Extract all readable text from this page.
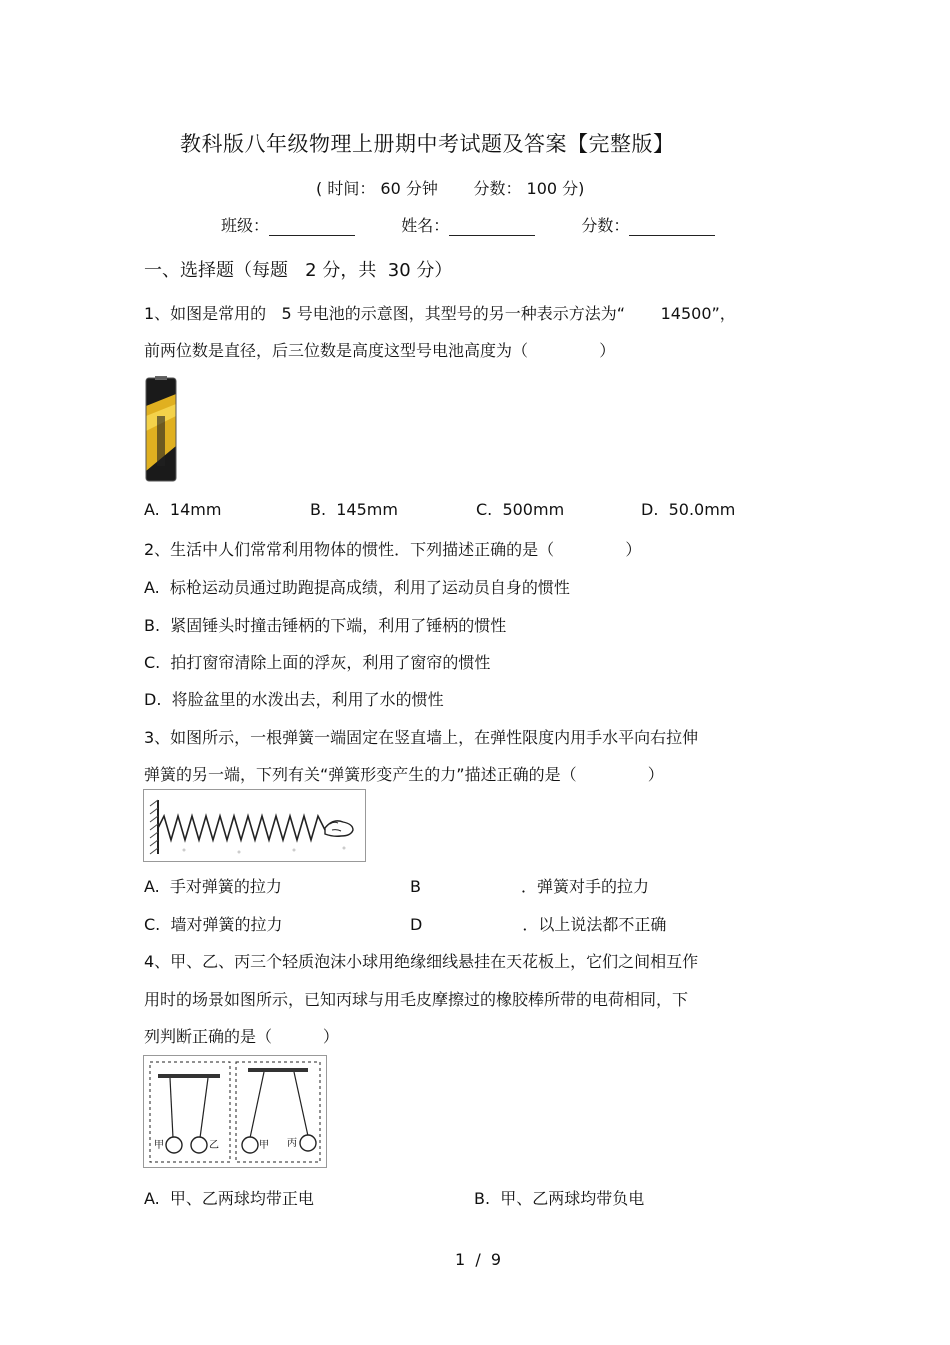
教科版八年级物理上册期中考试题及答案【完整版】
( 时间： 60 分钟       分数： 100 分)
班级：	姓名：	分数：
一、选择题（每题   2 分，共  30 分）
1、如图是常用的   5 号电池的示意图，其型号的另一种表示方法为“       14500”，
前两位数是直径，后三位数是高度这型号电池高度为（              ）
A. 14mm	B. 145mm	C. 500mm	D. 50.0mm
2、生活中人们常常利用物体的惯性．下列描述正确的是（              ）
A.  标枪运动员通过助跑提高成绩，利用了运动员自身的惯性
B.  紧固锤头时撞击锤柄的下端，利用了锤柄的惯性
C.  拍打窗帘清除上面的浮灰，利用了窗帘的惯性
D.  将脸盆里的水泼出去，利用了水的惯性
3、如图所示，一根弹簧一端固定在竖直墙上，在弹性限度内用手水平向右拉伸
弹簧的另一端，下列有关“弹簧形变产生的力”描述正确的是（              ）
A. 手对弹簧的拉力	B	．弹簧对手的拉力
C. 墙对弹簧的拉力	D	．以上说法都不正确
4、甲、乙、丙三个轻质泡沫小球用绝缘细线悬挂在天花板上，它们之间相互作
用时的场景如图所示，已知丙球与用毛皮摩擦过的橡胶棒所带的电荷相同，下
列判断正确的是（          ）
甲	乙	甲 丙
A.  甲、乙两球均带正电	B.  甲、乙两球均带负电
1  /  9
